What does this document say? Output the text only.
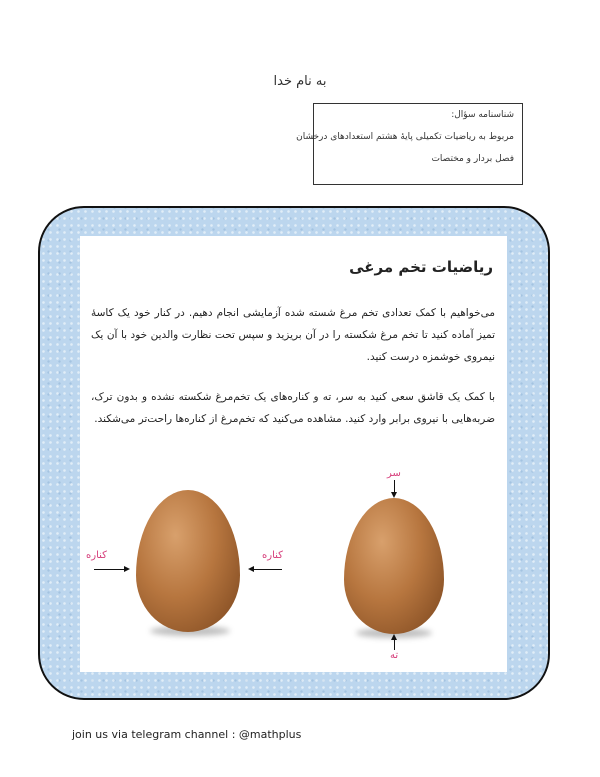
به نام خدا
شناسنامه سؤال:
مربوط به ریاضیات تکمیلی پایهٔ هشتم استعدادهای درخشان
فصل بردار و مختصات
ریاضیات تخم مرغی
می‌خواهیم با کمک تعدادی تخم مرغ شسته شده آزمایشی انجام دهیم. در کنار خود یک کاسهٔ تمیز آماده کنید تا تخم مرغ شکسته را در آن بریزید و سپس تحت نظارت والدین خود با آن یک نیمروی خوشمزه درست کنید.
با کمک یک قاشق سعی کنید به سر، ته و کناره‌های یک تخم‌مرغ شکسته نشده و بدون ترک، ضربه‌هایی با نیروی برابر وارد کنید. مشاهده می‌کنید که تخم‌مرغ از کناره‌ها راحت‌تر می‌شکند.
کناره	کناره
سر
ته
join us via telegram channel : @mathplus
